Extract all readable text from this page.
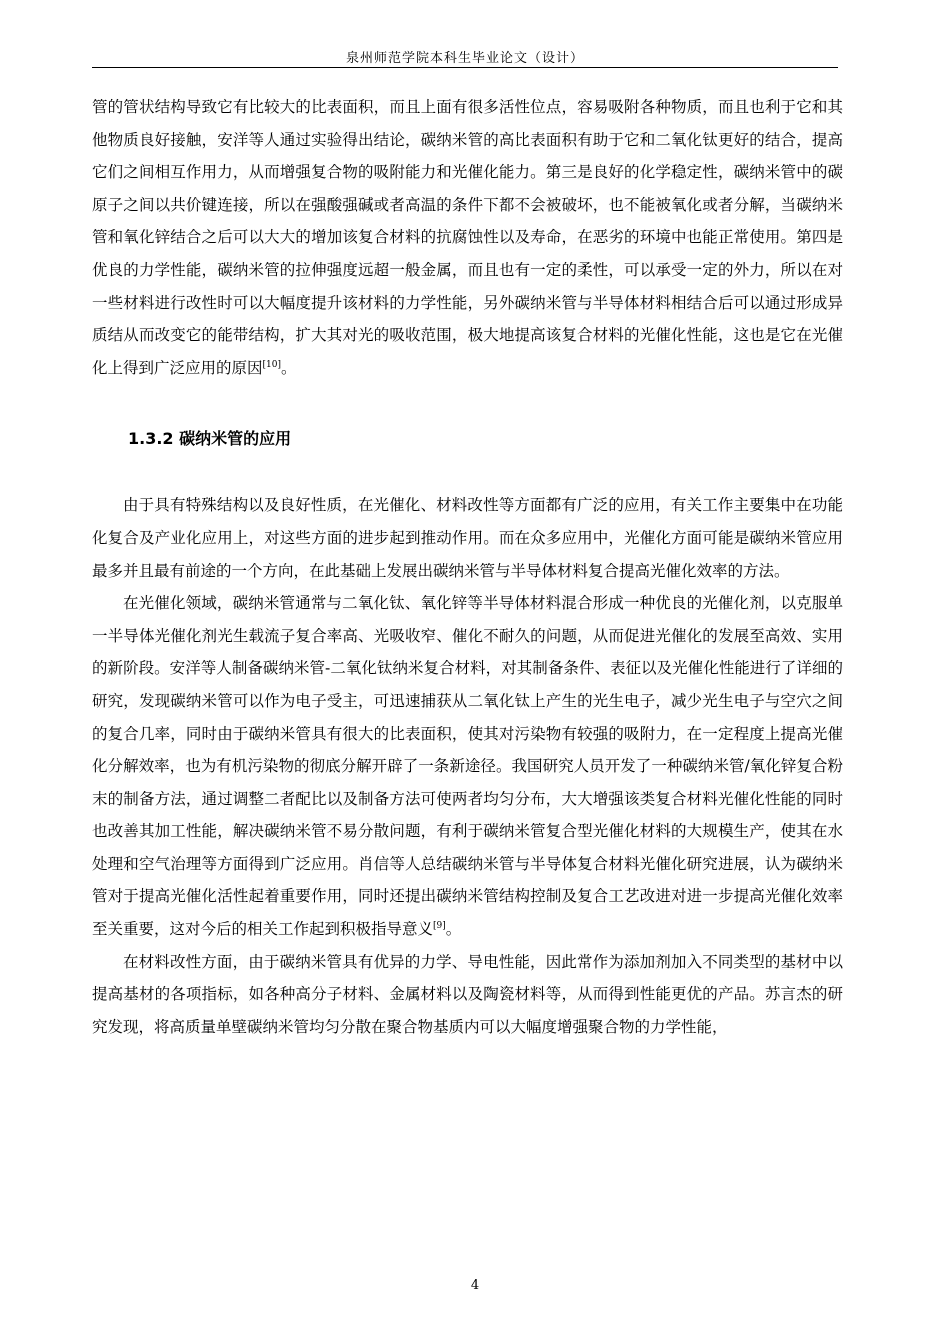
泉州师范学院本科生毕业论文（设计）

管的管状结构导致它有比较大的比表面积，而且上面有很多活性位点，容易吸附各种物质，而且也利于它和其他物质良好接触，安洋等人通过实验得出结论，碳纳米管的高比表面积有助于它和二氧化钛更好的结合，提高它们之间相互作用力，从而增强复合物的吸附能力和光催化能力。第三是良好的化学稳定性，碳纳米管中的碳原子之间以共价键连接，所以在强酸强碱或者高温的条件下都不会被破坏，也不能被氧化或者分解，当碳纳米管和氧化锌结合之后可以大大的增加该复合材料的抗腐蚀性以及寿命，在恶劣的环境中也能正常使用。第四是优良的力学性能，碳纳米管的拉伸强度远超一般金属，而且也有一定的柔性，可以承受一定的外力，所以在对一些材料进行改性时可以大幅度提升该材料的力学性能，另外碳纳米管与半导体材料相结合后可以通过形成异质结从而改变它的能带结构，扩大其对光的吸收范围，极大地提高该复合材料的光催化性能，这也是它在光催化上得到广泛应用的原因[10]。

1.3.2 碳纳米管的应用

由于具有特殊结构以及良好性质，在光催化、材料改性等方面都有广泛的应用，有关工作主要集中在功能化复合及产业化应用上，对这些方面的进步起到推动作用。而在众多应用中，光催化方面可能是碳纳米管应用最多并且最有前途的一个方向，在此基础上发展出碳纳米管与半导体材料复合提高光催化效率的方法。

在光催化领域，碳纳米管通常与二氧化钛、氧化锌等半导体材料混合形成一种优良的光催化剂，以克服单一半导体光催化剂光生载流子复合率高、光吸收窄、催化不耐久的问题，从而促进光催化的发展至高效、实用的新阶段。安洋等人制备碳纳米管-二氧化钛纳米复合材料，对其制备条件、表征以及光催化性能进行了详细的研究，发现碳纳米管可以作为电子受主，可迅速捕获从二氧化钛上产生的光生电子，减少光生电子与空穴之间的复合几率，同时由于碳纳米管具有很大的比表面积，使其对污染物有较强的吸附力，在一定程度上提高光催化分解效率，也为有机污染物的彻底分解开辟了一条新途径。我国研究人员开发了一种碳纳米管/氧化锌复合粉末的制备方法，通过调整二者配比以及制备方法可使两者均匀分布，大大增强该类复合材料光催化性能的同时也改善其加工性能，解决碳纳米管不易分散问题，有利于碳纳米管复合型光催化材料的大规模生产，使其在水处理和空气治理等方面得到广泛应用。肖信等人总结碳纳米管与半导体复合材料光催化研究进展，认为碳纳米管对于提高光催化活性起着重要作用，同时还提出碳纳米管结构控制及复合工艺改进对进一步提高光催化效率至关重要，这对今后的相关工作起到积极指导意义[9]。

在材料改性方面，由于碳纳米管具有优异的力学、导电性能，因此常作为添加剂加入不同类型的基材中以提高基材的各项指标，如各种高分子材料、金属材料以及陶瓷材料等，从而得到性能更优的产品。苏言杰的研究发现，将高质量单壁碳纳米管均匀分散在聚合物基质内可以大幅度增强聚合物的力学性能，

4
